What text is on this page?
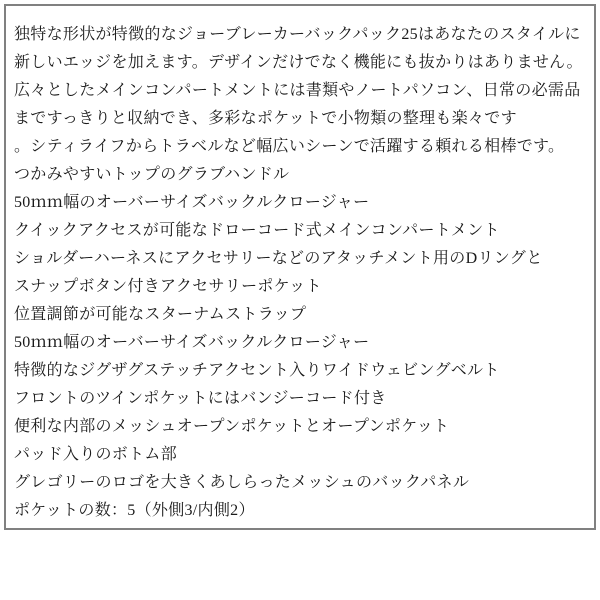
独特な形状が特徴的なジョーブレーカーバックパック25はあなたのスタイルに
新しいエッジを加えます。デザインだけでなく機能にも抜かりはありません。
広々としたメインコンパートメントには書類やノートパソコン、日常の必需品
まですっきりと収納でき、多彩なポケットで小物類の整理も楽々です
。シティライフからトラベルなど幅広いシーンで活躍する頼れる相棒です。
つかみやすいトップのグラブハンドル
50ｍｍ幅のオーバーサイズバックルクロージャー
クイックアクセスが可能なドローコード式メインコンパートメント
ショルダーハーネスにアクセサリーなどのアタッチメント用のDリングと
スナップボタン付きアクセサリーポケット
位置調節が可能なスターナムストラップ
50ｍｍ幅のオーバーサイズバックルクロージャー
特徴的なジグザグステッチアクセント入りワイドウェビングベルト
フロントのツインポケットにはバンジーコード付き
便利な内部のメッシュオープンポケットとオープンポケット
パッド入りのボトム部
グレゴリーのロゴを大きくあしらったメッシュのバックパネル
ポケットの数：5（外側3/内側2）
